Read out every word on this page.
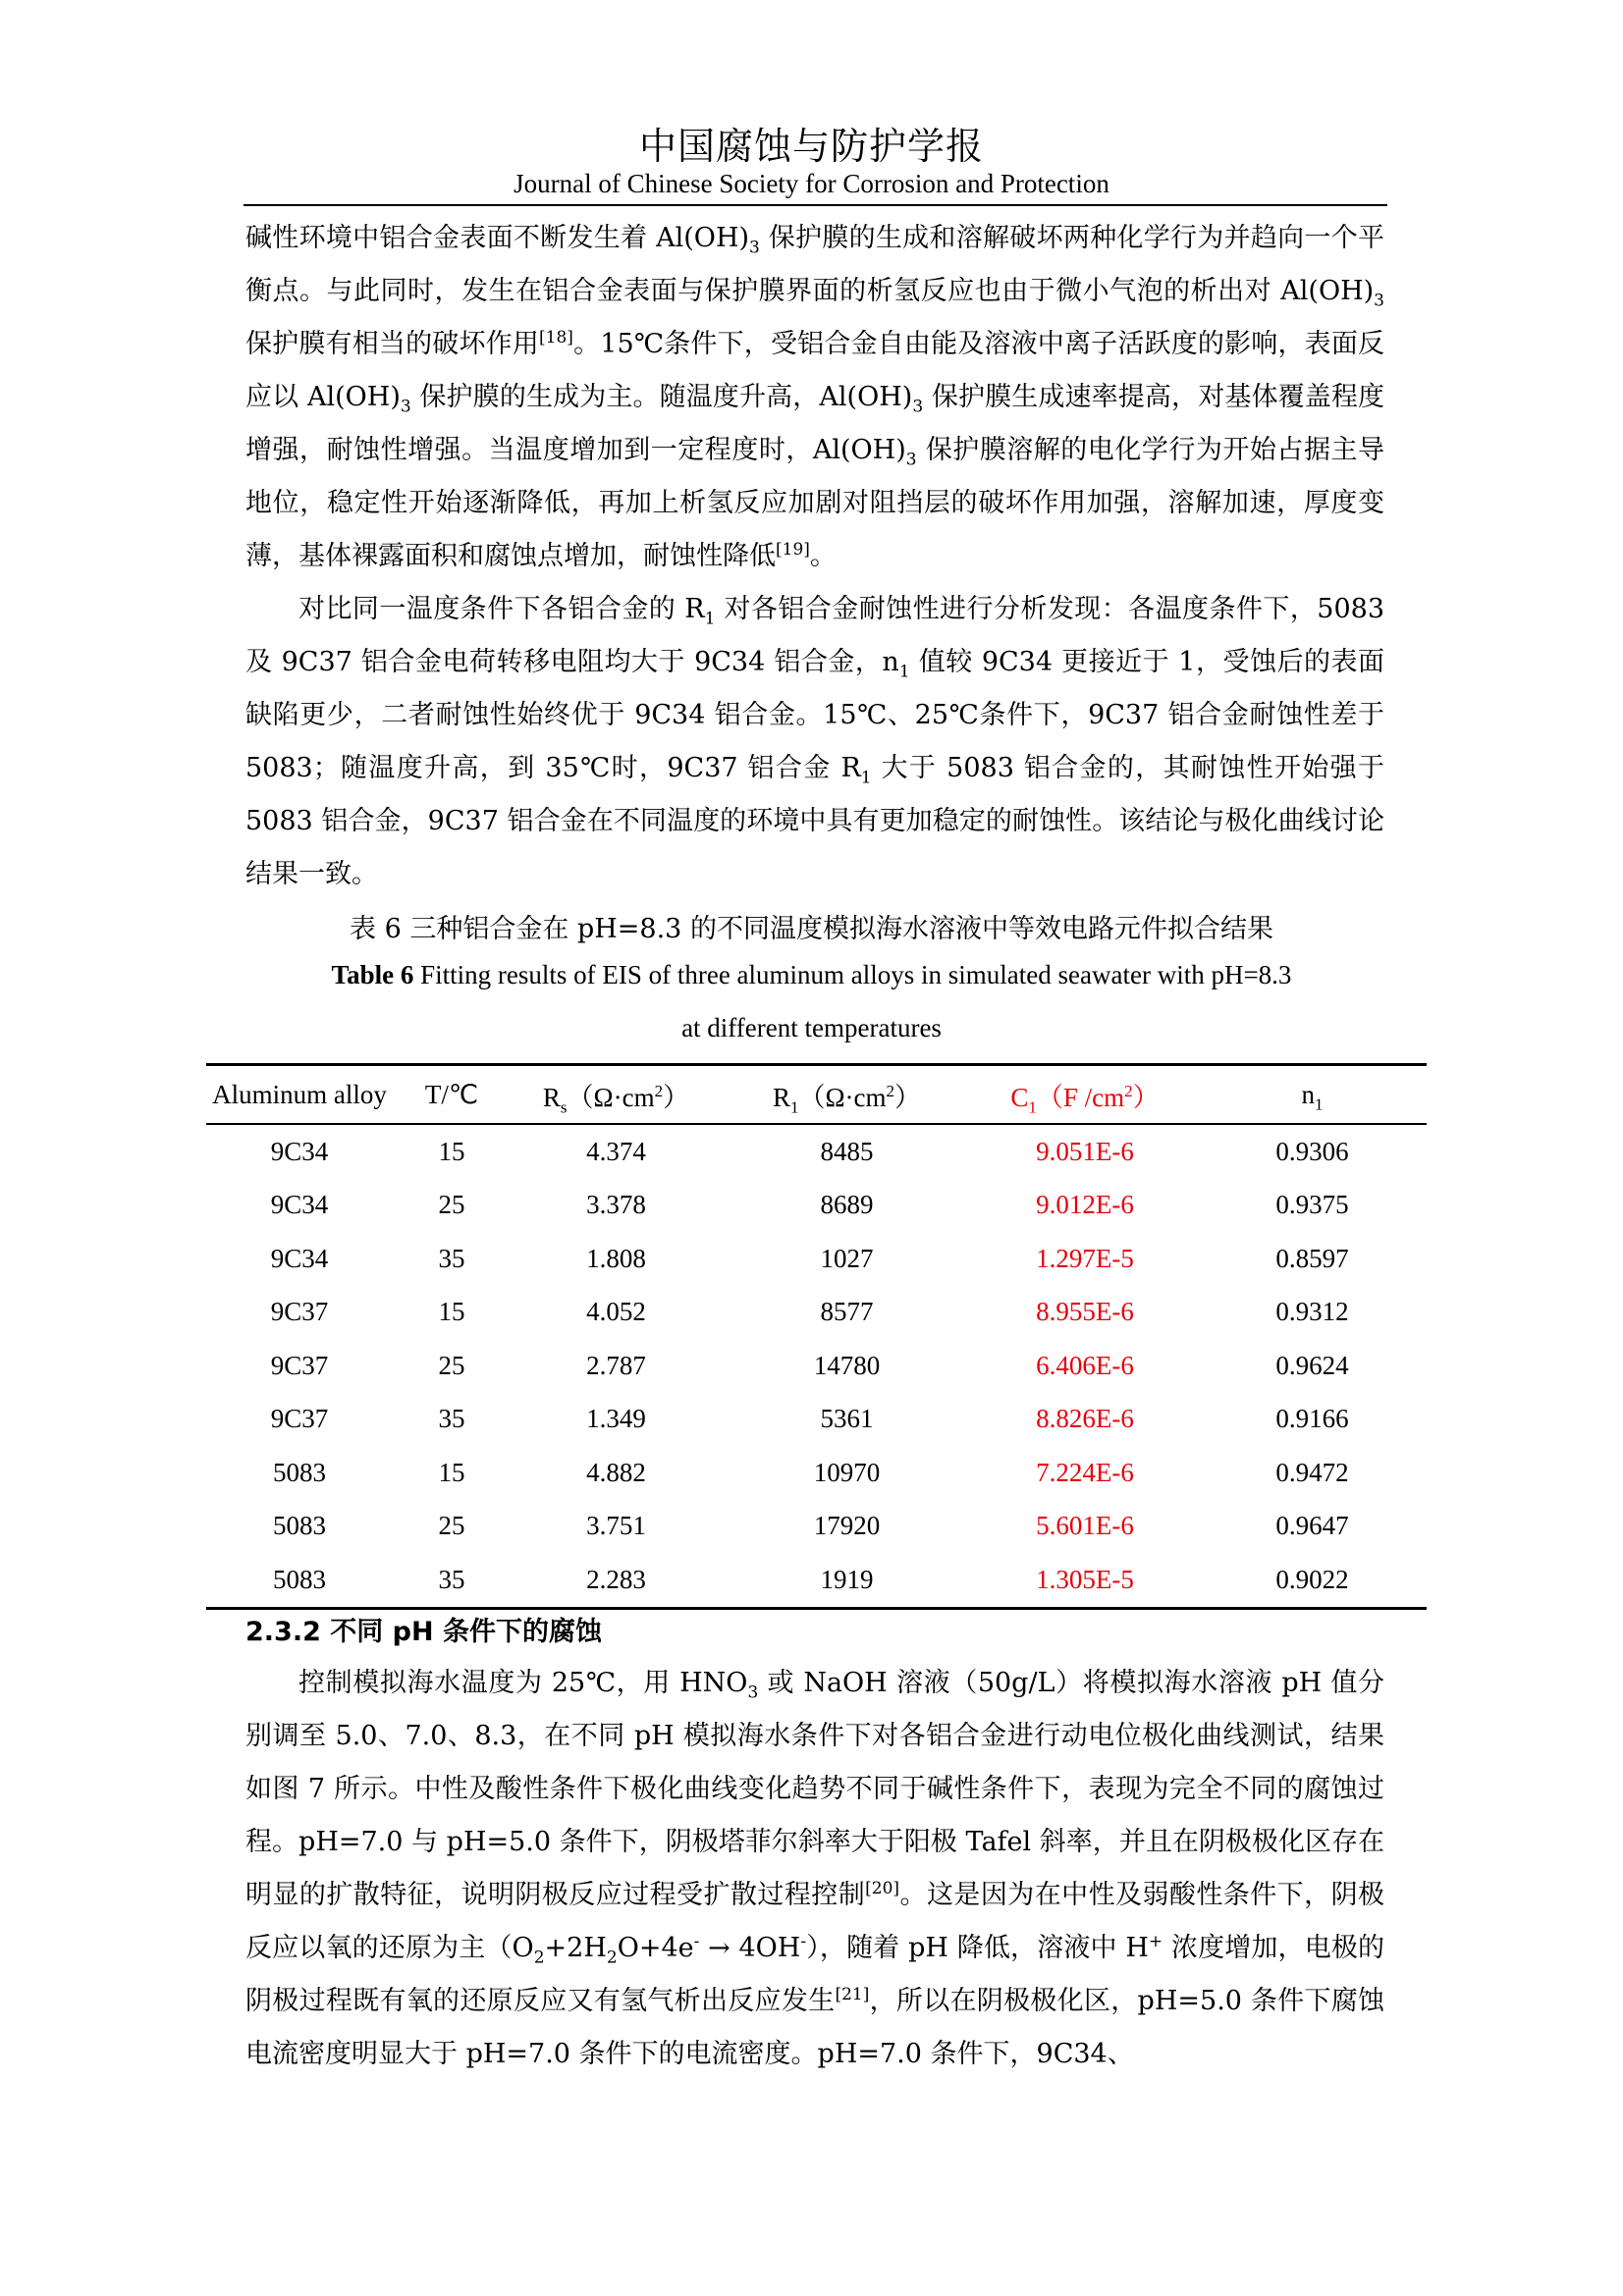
中国腐蚀与防护学报
Journal of Chinese Society for Corrosion and Protection

碱性环境中铝合金表面不断发生着 $Al(OH)_3$ 保护膜的生成和溶解破坏两种化学行为并趋向一个平衡点。与此同时，发生在铝合金表面与保护膜界面的析氢反应也由于微小气泡的析出对 $Al(OH)_3$ 保护膜有相当的破坏作用[18]。15℃条件下，受铝合金自由能及溶液中离子活跃度的影响，表面反应以 $Al(OH)_3$ 保护膜的生成为主。随温度升高，$Al(OH)_3$ 保护膜生成速率提高，对基体覆盖程度增强，耐蚀性增强。当温度增加到一定程度时，$Al(OH)_3$ 保护膜溶解的电化学行为开始占据主导地位，稳定性开始逐渐降低，再加上析氢反应加剧对阻挡层的破坏作用加强，溶解加速，厚度变薄，基体裸露面积和腐蚀点增加，耐蚀性降低[19]。

对比同一温度条件下各铝合金的 $R_1$ 对各铝合金耐蚀性进行分析发现：各温度条件下，5083 及 9C37 铝合金电荷转移电阻均大于 9C34 铝合金，$n_1$ 值较 9C34 更接近于 1，受蚀后的表面缺陷更少，二者耐蚀性始终优于 9C34 铝合金。15℃、25℃条件下，9C37 铝合金耐蚀性差于 5083；随温度升高，到 35℃时，9C37 铝合金 $R_1$ 大于 5083 铝合金的，其耐蚀性开始强于 5083 铝合金，9C37 铝合金在不同温度的环境中具有更加稳定的耐蚀性。该结论与极化曲线讨论结果一致。

表 6 三种铝合金在 pH=8.3 的不同温度模拟海水溶液中等效电路元件拟合结果
Table 6 Fitting results of EIS of three aluminum alloys in simulated seawater with pH=8.3
at different temperatures
Aluminum alloy	T/℃	$R_s(\Omega\cdot cm^2)$	$R_1(\Omega\cdot cm^2)$	$C_1(F$ $/cm^2$）	$n_1$
9C34	15	4.374	8485	9.051E-6	0.9306
9C34	25	3.378	8689	9.012E-6	0.9375
9C34	35	1.808	1027	1.297E-5	0.8597
9C37	15	4.052	8577	8.955E-6	0.9312
9C37	25	2.787	14780	6.406E-6	0.9624
9C37	35	1.349	5361	8.826E-6	0.9166
5083	15	4.882	10970	7.224E-6	0.9472
5083	25	3.751	17920	5.601E-6	0.9647
5083	35	2.283	1919	1.305E-5	0.9022
2.3.2 不同 pH 条件下的腐蚀

控制模拟海水温度为 25℃，用 $HNO_3$ 或 NaOH 溶液（50g/L）将模拟海水溶液 pH 值分别调至 5.0、7.0、8.3，在不同 pH 模拟海水条件下对各铝合金进行动电位极化曲线测试，结果如图 7 所示。中性及酸性条件下极化曲线变化趋势不同于碱性条件下，表现为完全不同的腐蚀过程。pH=7.0 与 pH=5.0 条件下，阴极塔菲尔斜率大于阳极 Tafel 斜率，并且在阴极极化区存在明显的扩散特征，说明阴极反应过程受扩散过程控制[20]。这是因为在中性及弱酸性条件下，阴极反应以氧的还原为主$(O_2+2H_2O+4e^- \to 4OH^-)$，随着 pH 降低，溶液中 H+ 浓度增加，电极的阴极过程既有氧的还原反应又有氢气析出反应发生[21]，所以在阴极极化区，pH=5.0 条件下腐蚀电流密度明显大于 pH=7.0 条件下的电流密度。pH=7.0 条件下，9C34、
